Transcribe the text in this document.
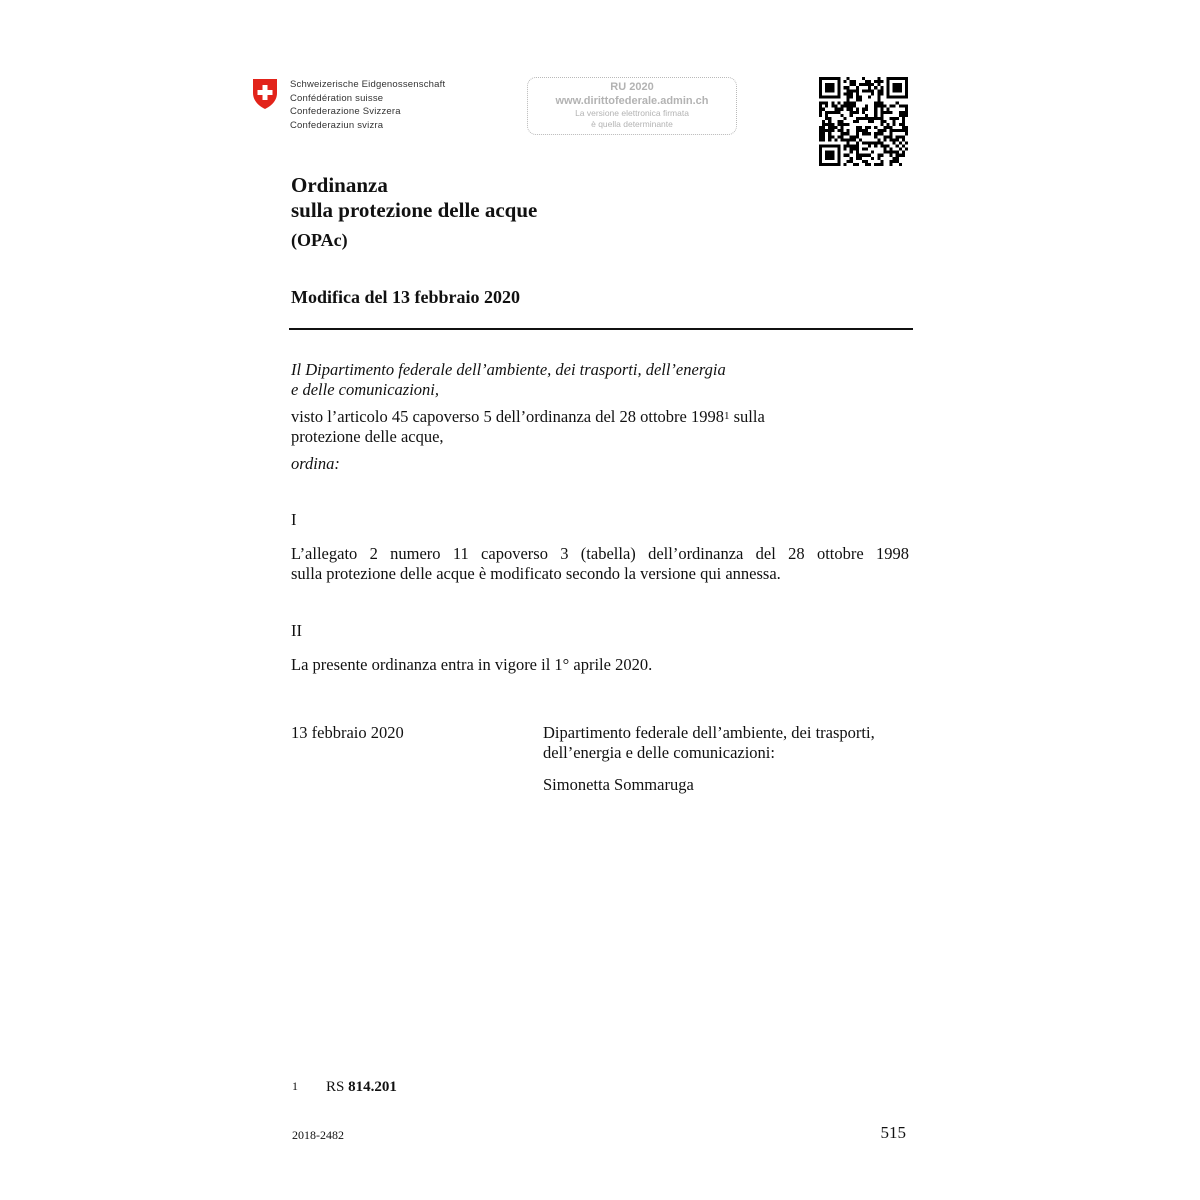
Schweizerische Eidgenossenschaft
Confédération suisse
Confederazione Svizzera
Confederaziun svizra
RU 2020
www.dirittofederale.admin.ch
La versione elettronica firmata
è quella determinante
Ordinanza
sulla protezione delle acque
(OPAc)
Modifica del 13 febbraio 2020
Il Dipartimento federale dell’ambiente, dei trasporti, dell’energia
e delle comunicazioni,
visto l’articolo 45 capoverso 5 dell’ordinanza del 28 ottobre 1998$^1$ sulla
protezione delle acque,
ordina:
I
L’allegato 2 numero 11 capoverso 3 (tabella) dell’ordinanza del 28 ottobre 1998
sulla protezione delle acque è modificato secondo la versione qui annessa.
II
La presente ordinanza entra in vigore il 1° aprile 2020.
13 febbraio 2020	Dipartimento federale dell’ambiente, dei trasporti,
dell’energia e delle comunicazioni:
Simonetta Sommaruga
1 RS 814.201
2018-2482	515
